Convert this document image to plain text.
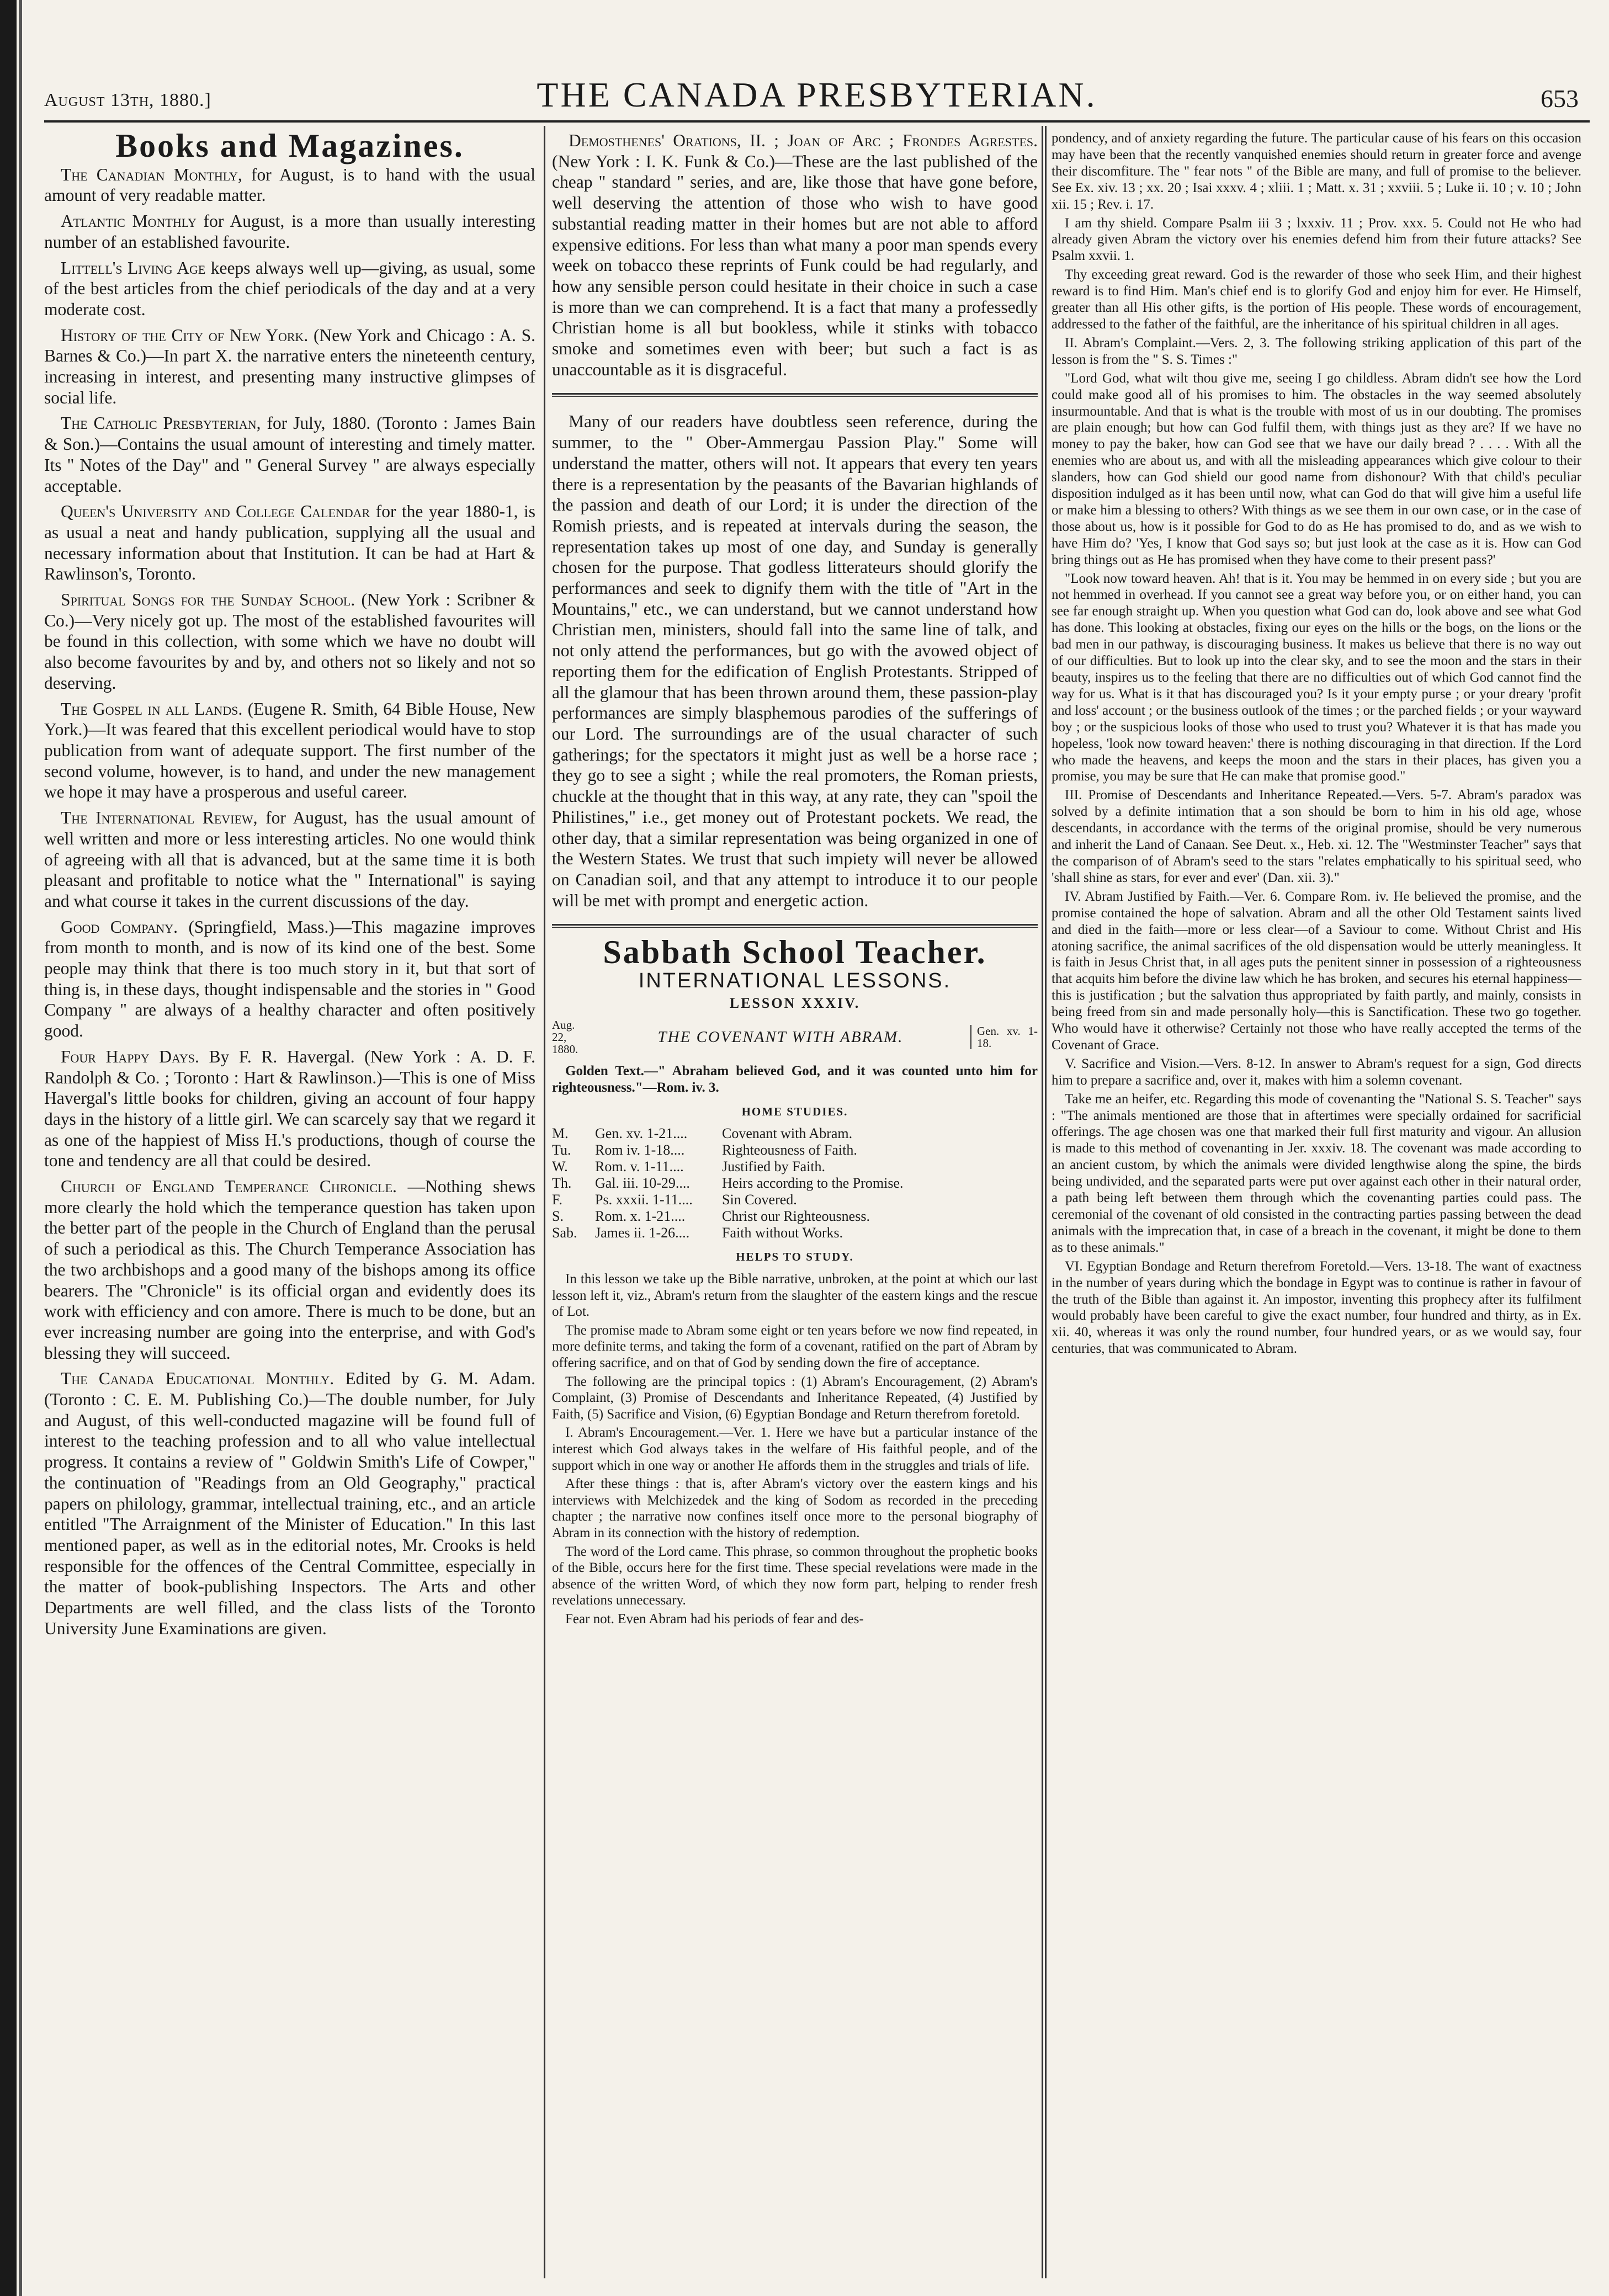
August 13th, 1880.]	THE CANADA PRESBYTERIAN.	653
Books and Magazines.

The Canadian Monthly, for August, is to hand with the usual amount of very readable matter.

Atlantic Monthly for August, is a more than usually interesting number of an established favourite.

Littell's Living Age keeps always well up—giving, as usual, some of the best articles from the chief periodicals of the day and at a very moderate cost.

History of the City of New York. (New York and Chicago : A. S. Barnes & Co.)—In part X. the narrative enters the nineteenth century, increasing in interest, and presenting many instructive glimpses of social life.

The Catholic Presbyterian, for July, 1880. (Toronto : James Bain & Son.)—Contains the usual amount of interesting and timely matter. Its " Notes of the Day" and " General Survey " are always especially acceptable.

Queen's University and College Calendar for the year 1880-1, is as usual a neat and handy publication, supplying all the usual and necessary information about that Institution. It can be had at Hart & Rawlinson's, Toronto.

Spiritual Songs for the Sunday School. (New York : Scribner & Co.)—Very nicely got up. The most of the established favourites will be found in this collection, with some which we have no doubt will also become favourites by and by, and others not so likely and not so deserving.

The Gospel in all Lands. (Eugene R. Smith, 64 Bible House, New York.)—It was feared that this excellent periodical would have to stop publication from want of adequate support. The first number of the second volume, however, is to hand, and under the new management we hope it may have a prosperous and useful career.

The International Review, for August, has the usual amount of well written and more or less interesting articles. No one would think of agreeing with all that is advanced, but at the same time it is both pleasant and profitable to notice what the " International" is saying and what course it takes in the current discussions of the day.

Good Company. (Springfield, Mass.)—This magazine improves from month to month, and is now of its kind one of the best. Some people may think that there is too much story in it, but that sort of thing is, in these days, thought indispensable and the stories in " Good Company " are always of a healthy character and often positively good.

Four Happy Days. By F. R. Havergal. (New York : A. D. F. Randolph & Co. ; Toronto : Hart & Rawlinson.)—This is one of Miss Havergal's little books for children, giving an account of four happy days in the history of a little girl. We can scarcely say that we regard it as one of the happiest of Miss H.'s productions, though of course the tone and tendency are all that could be desired.

Church of England Temperance Chronicle. —Nothing shews more clearly the hold which the temperance question has taken upon the better part of the people in the Church of England than the perusal of such a periodical as this. The Church Temperance Association has the two archbishops and a good many of the bishops among its office bearers. The "Chronicle" is its official organ and evidently does its work with efficiency and con amore. There is much to be done, but an ever increasing number are going into the enterprise, and with God's blessing they will succeed.

The Canada Educational Monthly. Edited by G. M. Adam. (Toronto : C. E. M. Publishing Co.)—The double number, for July and August, of this well-conducted magazine will be found full of interest to the teaching profession and to all who value intellectual progress. It contains a review of " Goldwin Smith's Life of Cowper," the continuation of "Readings from an Old Geography," practical papers on philology, grammar, intellectual training, etc., and an article entitled "The Arraignment of the Minister of Education." In this last mentioned paper, as well as in the editorial notes, Mr. Crooks is held responsible for the offences of the Central Committee, especially in the matter of book-publishing Inspectors. The Arts and other Departments are well filled, and the class lists of the Toronto University June Examinations are given.

Demosthenes' Orations, II. ; Joan of Arc ; Frondes Agrestes. (New York : I. K. Funk & Co.)—These are the last published of the cheap " standard " series, and are, like those that have gone before, well deserving the attention of those who wish to have good substantial reading matter in their homes but are not able to afford expensive editions. For less than what many a poor man spends every week on tobacco these reprints of Funk could be had regularly, and how any sensible person could hesitate in their choice in such a case is more than we can comprehend. It is a fact that many a professedly Christian home is all but bookless, while it stinks with tobacco smoke and sometimes even with beer; but such a fact is as unaccountable as it is disgraceful.

Many of our readers have doubtless seen reference, during the summer, to the " Ober-Ammergau Passion Play." Some will understand the matter, others will not. It appears that every ten years there is a representation by the peasants of the Bavarian highlands of the passion and death of our Lord; it is under the direction of the Romish priests, and is repeated at intervals during the season, the representation takes up most of one day, and Sunday is generally chosen for the purpose. That godless litterateurs should glorify the performances and seek to dignify them with the title of "Art in the Mountains," etc., we can understand, but we cannot understand how Christian men, ministers, should fall into the same line of talk, and not only attend the performances, but go with the avowed object of reporting them for the edification of English Protestants. Stripped of all the glamour that has been thrown around them, these passion-play performances are simply blasphemous parodies of the sufferings of our Lord. The surroundings are of the usual character of such gatherings; for the spectators it might just as well be a horse race ; they go to see a sight ; while the real promoters, the Roman priests, chuckle at the thought that in this way, at any rate, they can "spoil the Philistines," i.e., get money out of Protestant pockets. We read, the other day, that a similar representation was being organized in one of the Western States. We trust that such impiety will never be allowed on Canadian soil, and that any attempt to introduce it to our people will be met with prompt and energetic action.

Sabbath School Teacher.
INTERNATIONAL LESSONS.
LESSON XXXIV.
Aug. 22, 1880.
THE COVENANT WITH ABRAM.	Gen. xv. 1-18.

Golden Text.—" Abraham believed God, and it was counted unto him for righteousness."—Rom. iv. 3.

HOME STUDIES.
M.	Gen. xv. 1-21....	Covenant with Abram.
Tu.	Rom iv. 1-18....	Righteousness of Faith.
W.	Rom. v. 1-11....	Justified by Faith.
Th.	Gal. iii. 10-29....	Heirs according to the Promise.
F.	Ps. xxxii. 1-11....	Sin Covered.
S.	Rom. x. 1-21....	Christ our Righteousness.
Sab.	James ii. 1-26....	Faith without Works.
HELPS TO STUDY.

In this lesson we take up the Bible narrative, unbroken, at the point at which our last lesson left it, viz., Abram's return from the slaughter of the eastern kings and the rescue of Lot.

The promise made to Abram some eight or ten years before we now find repeated, in more definite terms, and taking the form of a covenant, ratified on the part of Abram by offering sacrifice, and on that of God by sending down the fire of acceptance.

The following are the principal topics : (1) Abram's Encouragement, (2) Abram's Complaint, (3) Promise of Descendants and Inheritance Repeated, (4) Justified by Faith, (5) Sacrifice and Vision, (6) Egyptian Bondage and Return therefrom foretold.

I. Abram's Encouragement.—Ver. 1. Here we have but a particular instance of the interest which God always takes in the welfare of His faithful people, and of the support which in one way or another He affords them in the struggles and trials of life.

After these things : that is, after Abram's victory over the eastern kings and his interviews with Melchizedek and the king of Sodom as recorded in the preceding chapter ; the narrative now confines itself once more to the personal biography of Abram in its connection with the history of redemption.

The word of the Lord came. This phrase, so common throughout the prophetic books of the Bible, occurs here for the first time. These special revelations were made in the absence of the written Word, of which they now form part, helping to render fresh revelations unnecessary.

Fear not. Even Abram had his periods of fear and des-

pondency, and of anxiety regarding the future. The particular cause of his fears on this occasion may have been that the recently vanquished enemies should return in greater force and avenge their discomfiture. The " fear nots " of the Bible are many, and full of promise to the believer. See Ex. xiv. 13 ; xx. 20 ; Isai xxxv. 4 ; xliii. 1 ; Matt. x. 31 ; xxviii. 5 ; Luke ii. 10 ; v. 10 ; John xii. 15 ; Rev. i. 17.

I am thy shield. Compare Psalm iii 3 ; lxxxiv. 11 ; Prov. xxx. 5. Could not He who had already given Abram the victory over his enemies defend him from their future attacks? See Psalm xxvii. 1.

Thy exceeding great reward. God is the rewarder of those who seek Him, and their highest reward is to find Him. Man's chief end is to glorify God and enjoy him for ever. He Himself, greater than all His other gifts, is the portion of His people. These words of encouragement, addressed to the father of the faithful, are the inheritance of his spiritual children in all ages.

II. Abram's Complaint.—Vers. 2, 3. The following striking application of this part of the lesson is from the " S. S. Times :"

"Lord God, what wilt thou give me, seeing I go childless. Abram didn't see how the Lord could make good all of his promises to him. The obstacles in the way seemed absolutely insurmountable. And that is what is the trouble with most of us in our doubting. The promises are plain enough; but how can God fulfil them, with things just as they are? If we have no money to pay the baker, how can God see that we have our daily bread ? . . . . With all the enemies who are about us, and with all the misleading appearances which give colour to their slanders, how can God shield our good name from dishonour? With that child's peculiar disposition indulged as it has been until now, what can God do that will give him a useful life or make him a blessing to others? With things as we see them in our own case, or in the case of those about us, how is it possible for God to do as He has promised to do, and as we wish to have Him do? 'Yes, I know that God says so; but just look at the case as it is. How can God bring things out as He has promised when they have come to their present pass?'

"Look now toward heaven. Ah! that is it. You may be hemmed in on every side ; but you are not hemmed in overhead. If you cannot see a great way before you, or on either hand, you can see far enough straight up. When you question what God can do, look above and see what God has done. This looking at obstacles, fixing our eyes on the hills or the bogs, on the lions or the bad men in our pathway, is discouraging business. It makes us believe that there is no way out of our difficulties. But to look up into the clear sky, and to see the moon and the stars in their beauty, inspires us to the feeling that there are no difficulties out of which God cannot find the way for us. What is it that has discouraged you? Is it your empty purse ; or your dreary 'profit and loss' account ; or the business outlook of the times ; or the parched fields ; or your wayward boy ; or the suspicious looks of those who used to trust you? Whatever it is that has made you hopeless, 'look now toward heaven:' there is nothing discouraging in that direction. If the Lord who made the heavens, and keeps the moon and the stars in their places, has given you a promise, you may be sure that He can make that promise good."

III. Promise of Descendants and Inheritance Repeated.—Vers. 5-7. Abram's paradox was solved by a definite intimation that a son should be born to him in his old age, whose descendants, in accordance with the terms of the original promise, should be very numerous and inherit the Land of Canaan. See Deut. x., Heb. xi. 12. The "Westminster Teacher" says that the comparison of of Abram's seed to the stars "relates emphatically to his spiritual seed, who 'shall shine as stars, for ever and ever' (Dan. xii. 3)."

IV. Abram Justified by Faith.—Ver. 6. Compare Rom. iv. He believed the promise, and the promise contained the hope of salvation. Abram and all the other Old Testament saints lived and died in the faith—more or less clear—of a Saviour to come. Without Christ and His atoning sacrifice, the animal sacrifices of the old dispensation would be utterly meaningless. It is faith in Jesus Christ that, in all ages puts the penitent sinner in possession of a righteousness that acquits him before the divine law which he has broken, and secures his eternal happiness—this is justification ; but the salvation thus appropriated by faith partly, and mainly, consists in being freed from sin and made personally holy—this is Sanctification. These two go together. Who would have it otherwise? Certainly not those who have really accepted the terms of the Covenant of Grace.

V. Sacrifice and Vision.—Vers. 8-12. In answer to Abram's request for a sign, God directs him to prepare a sacrifice and, over it, makes with him a solemn covenant.

Take me an heifer, etc. Regarding this mode of covenanting the "National S. S. Teacher" says : "The animals mentioned are those that in aftertimes were specially ordained for sacrificial offerings. The age chosen was one that marked their full first maturity and vigour. An allusion is made to this method of covenanting in Jer. xxxiv. 18. The covenant was made according to an ancient custom, by which the animals were divided lengthwise along the spine, the birds being undivided, and the separated parts were put over against each other in their natural order, a path being left between them through which the covenanting parties could pass. The ceremonial of the covenant of old consisted in the contracting parties passing between the dead animals with the imprecation that, in case of a breach in the covenant, it might be done to them as to these animals."

VI. Egyptian Bondage and Return therefrom Foretold.—Vers. 13-18. The want of exactness in the number of years during which the bondage in Egypt was to continue is rather in favour of the truth of the Bible than against it. An impostor, inventing this prophecy after its fulfilment would probably have been careful to give the exact number, four hundred and thirty, as in Ex. xii. 40, whereas it was only the round number, four hundred years, or as we would say, four centuries, that was communicated to Abram.
